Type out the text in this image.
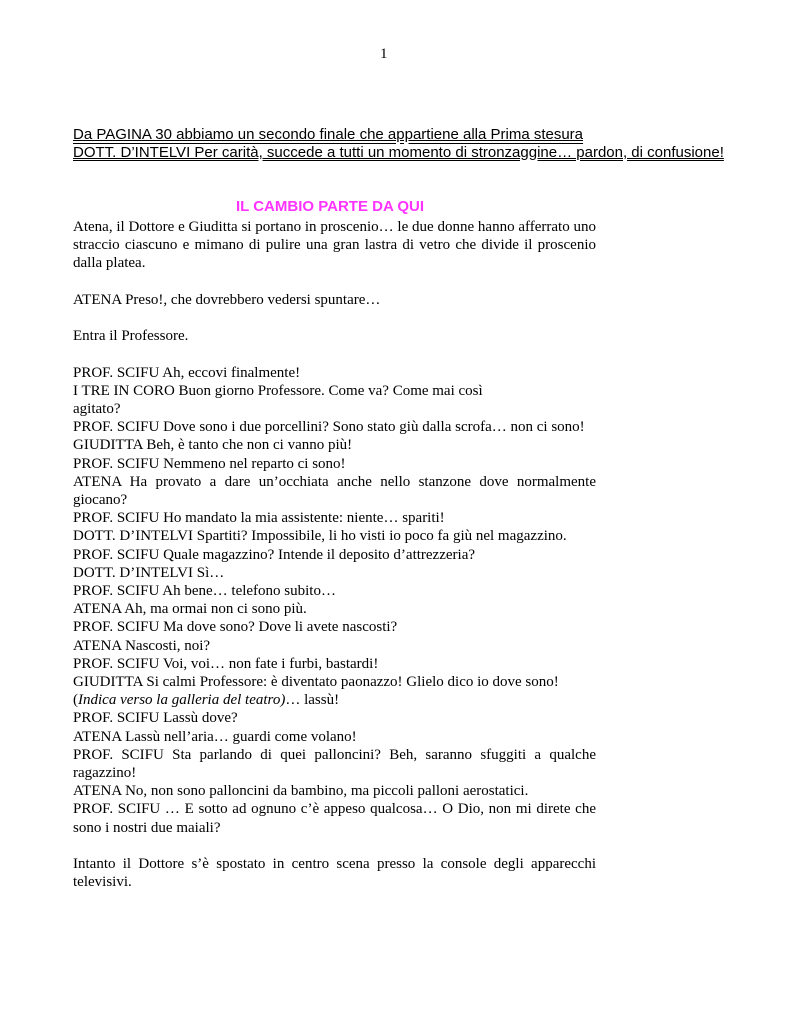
1

Da PAGINA 30 abbiamo un secondo finale che appartiene alla Prima stesura

DOTT. D’INTELVI Per carità, succede a tutti un momento di stronzaggine… pardon, di confusione!

IL CAMBIO PARTE DA QUI

Atena, il Dottore e Giuditta si portano in proscenio… le due donne hanno afferrato uno straccio ciascuno e mimano di pulire una gran lastra di vetro che divide il proscenio dalla platea.

ATENA Preso!, che dovrebbero vedersi spuntare…

Entra il Professore.

PROF. SCIFU Ah, eccovi finalmente!

I TRE IN CORO Buon giorno Professore. Come va? Come mai così

agitato?

PROF. SCIFU Dove sono i due porcellini? Sono stato giù dalla scrofa… non ci sono!

GIUDITTA Beh, è tanto che non ci vanno più!

PROF. SCIFU Nemmeno nel reparto ci sono!

ATENA Ha provato a dare un’occhiata anche nello stanzone dove normalmente giocano?

PROF. SCIFU Ho mandato la mia assistente: niente… spariti!

DOTT. D’INTELVI Spartiti? Impossibile, li ho visti io poco fa giù nel magazzino.

PROF. SCIFU Quale magazzino? Intende il deposito d’attrezzeria?

DOTT. D’INTELVI Sì…

PROF. SCIFU Ah bene… telefono subito…

ATENA Ah, ma ormai non ci sono più.

PROF. SCIFU Ma dove sono? Dove li avete nascosti?

ATENA Nascosti, noi?

PROF. SCIFU Voi, voi… non fate i furbi, bastardi!

GIUDITTA Si calmi Professore: è diventato paonazzo! Glielo dico io dove sono!

(Indica verso la galleria del teatro)… lassù!

PROF. SCIFU Lassù dove?

ATENA Lassù nell’aria… guardi come volano!

PROF. SCIFU Sta parlando di quei palloncini? Beh, saranno sfuggiti a qualche ragazzino!

ATENA No, non sono palloncini da bambino, ma piccoli palloni aerostatici.

PROF. SCIFU … E sotto ad ognuno c’è appeso qualcosa… O Dio, non mi direte che sono i nostri due maiali?

Intanto il Dottore s’è spostato in centro scena presso la console degli apparecchi televisivi.
